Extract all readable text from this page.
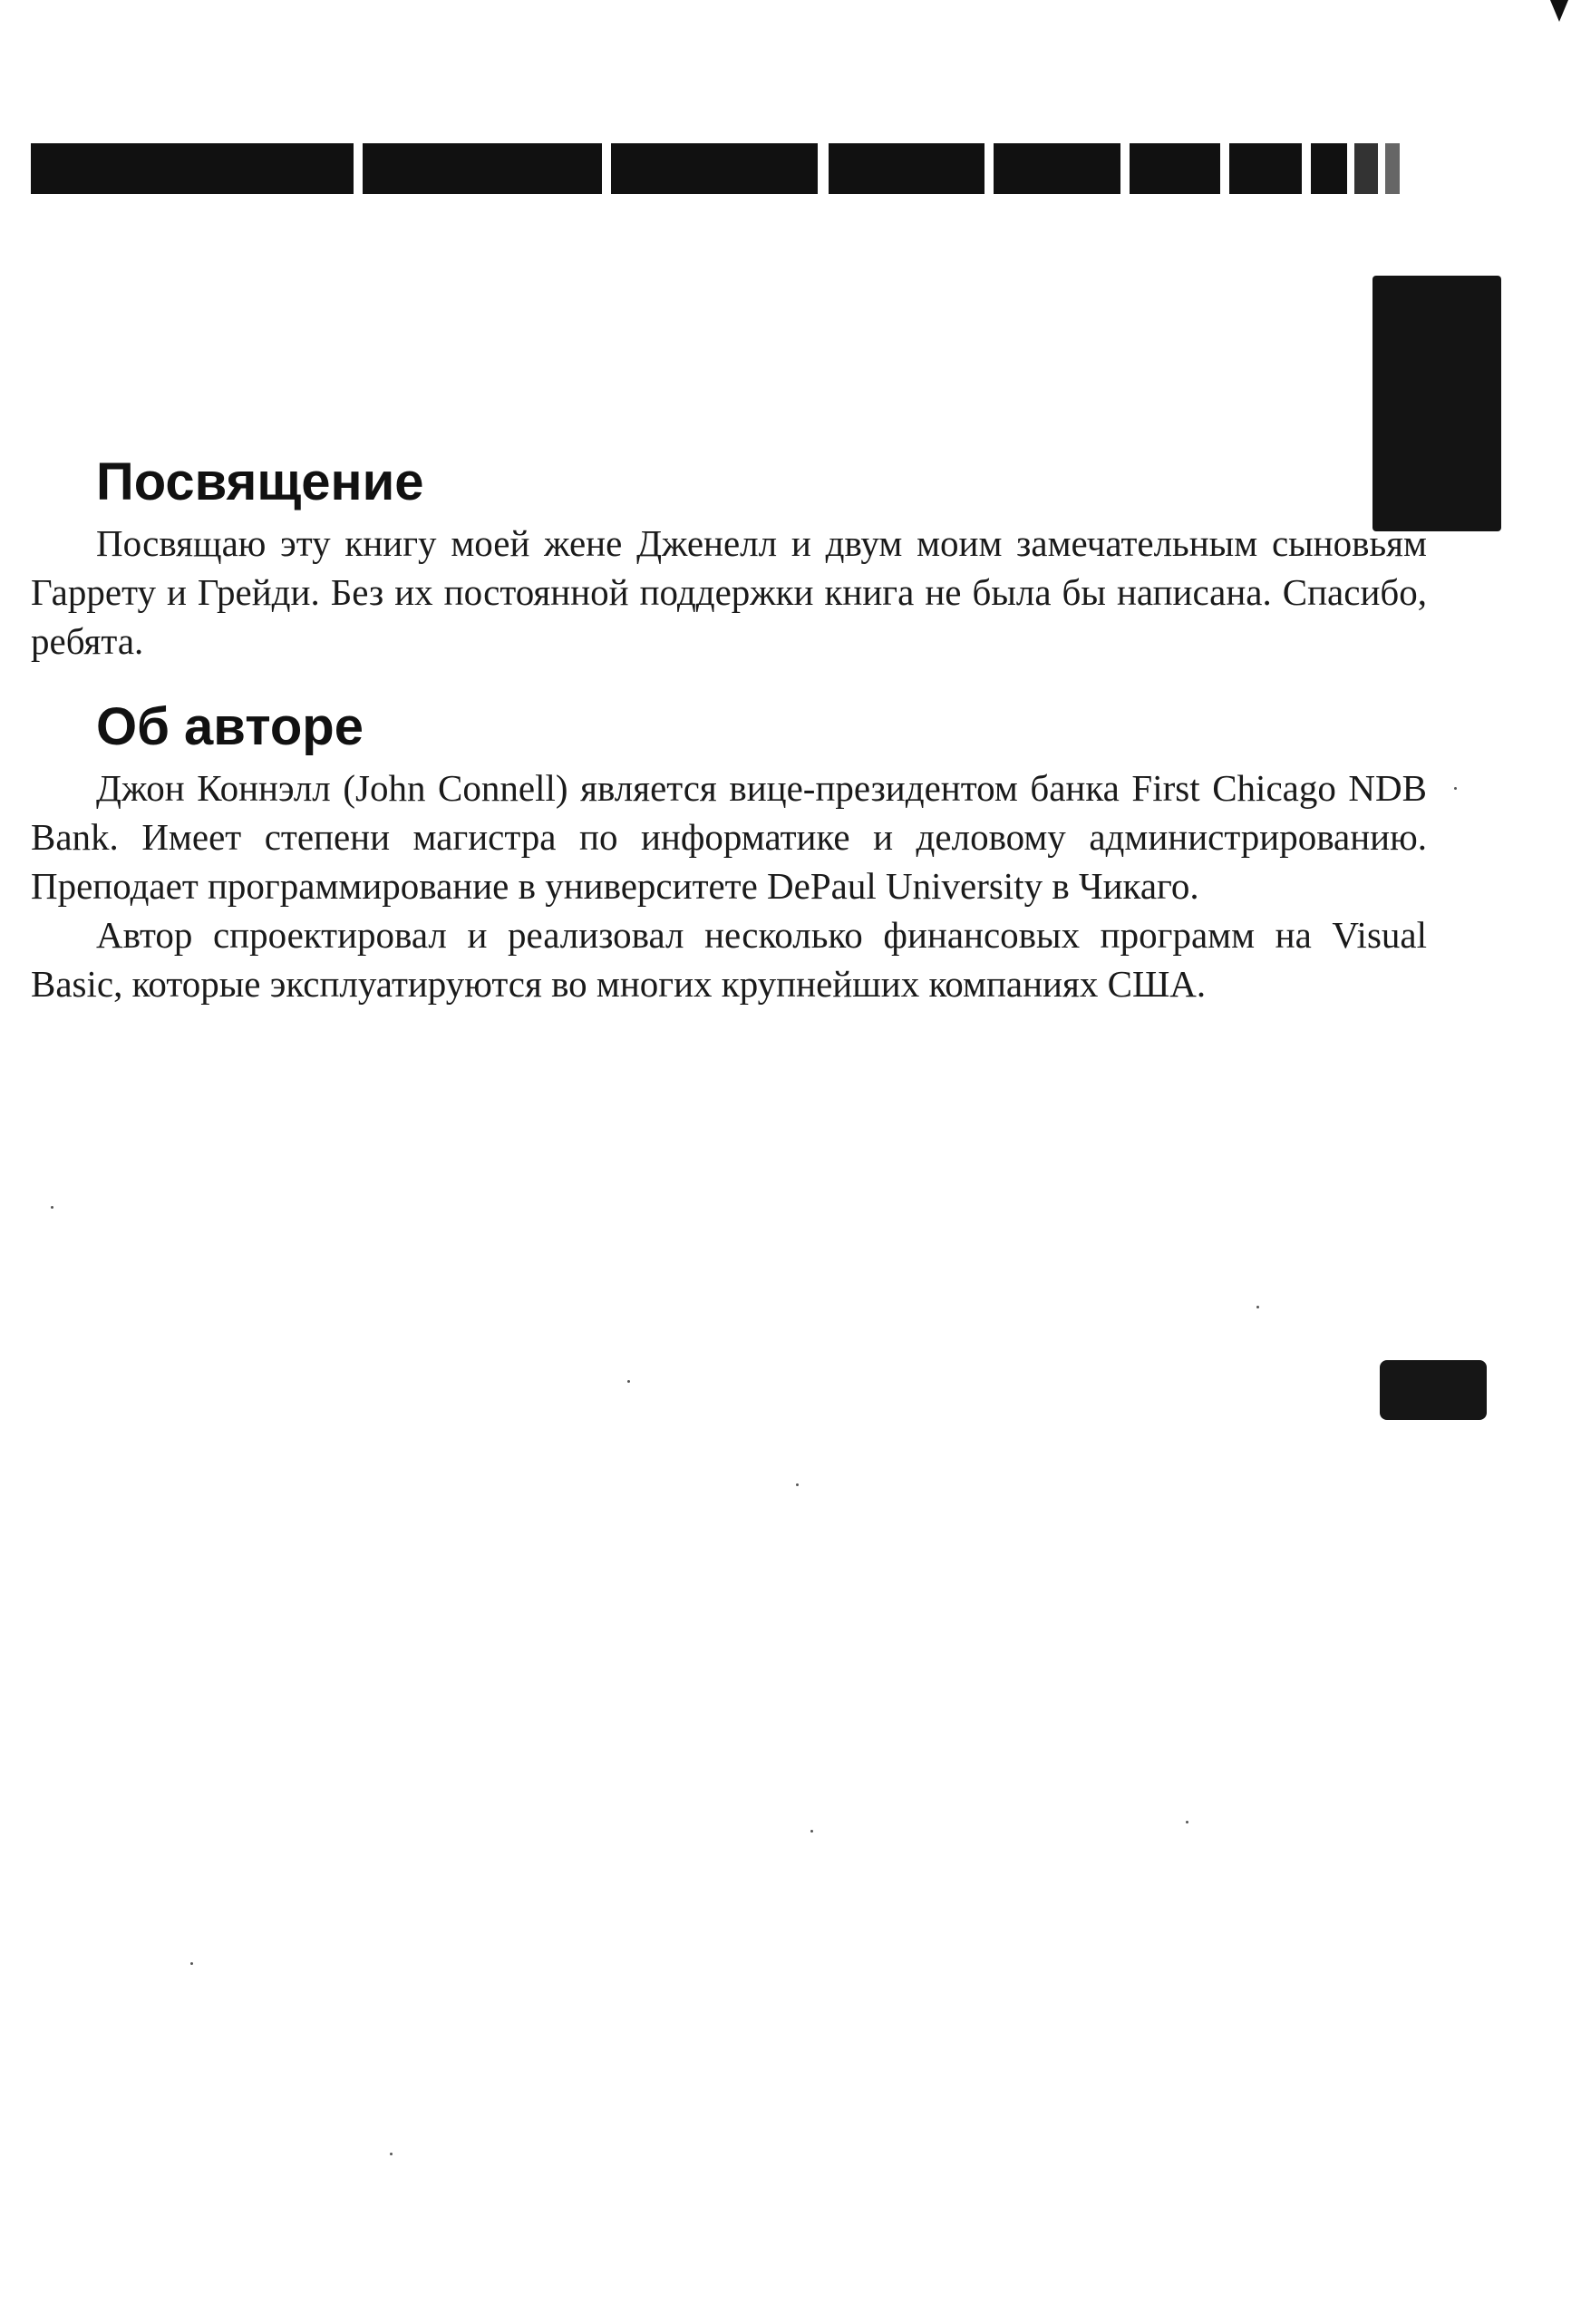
Посвящение

Посвящаю эту книгу моей жене Дженелл и двум моим замечательным сыновьям Гаррету и Грейди. Без их постоянной поддержки книга не была бы написана. Спасибо, ребята.

Об авторе

Джон Коннэлл (John Connell) является вице-президентом банка First Chicago NDB Bank. Имеет степени магистра по информатике и деловому администрированию. Преподает программирование в университете DePaul University в Чикаго.

Автор спроектировал и реализовал несколько финансовых программ на Visual Basic, которые эксплуатируются во многих крупнейших компаниях США.
